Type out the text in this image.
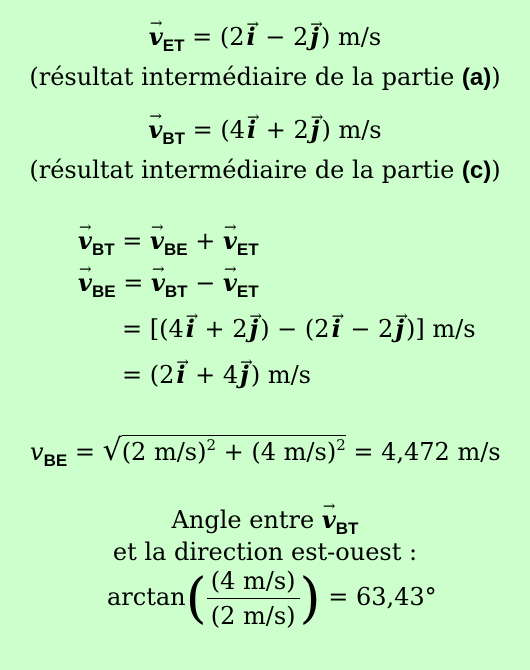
→ $v_{ET} = (2\to i - 2\to j)$ m/s
(résultat intermédiaire de la partie (a))
→ $v_{BT} = (4\to i + 2\to j)$ m/s
(résultat intermédiaire de la partie (c))
→ $v_{BT}$ = → $v_{BE}$ + → $v_{ET}$
→ $v_{BE}$ = → $v_{BT}$ − → $v_{ET}$
= [(4→ i + 2→ j) − (2→ i − 2→ j)] m/s
= (2→ i + 4→ j) m/s
$v_{BE} = √(2$ m/s)$^2$ + (4 m/s)$^2$ = 4,472 m/s
Angle entre → $v_{BT}$
et la direction est-ouest :
$\arctan( \frac{(4 m/s)}{(2 m/s)}$ ) = 63,43°
